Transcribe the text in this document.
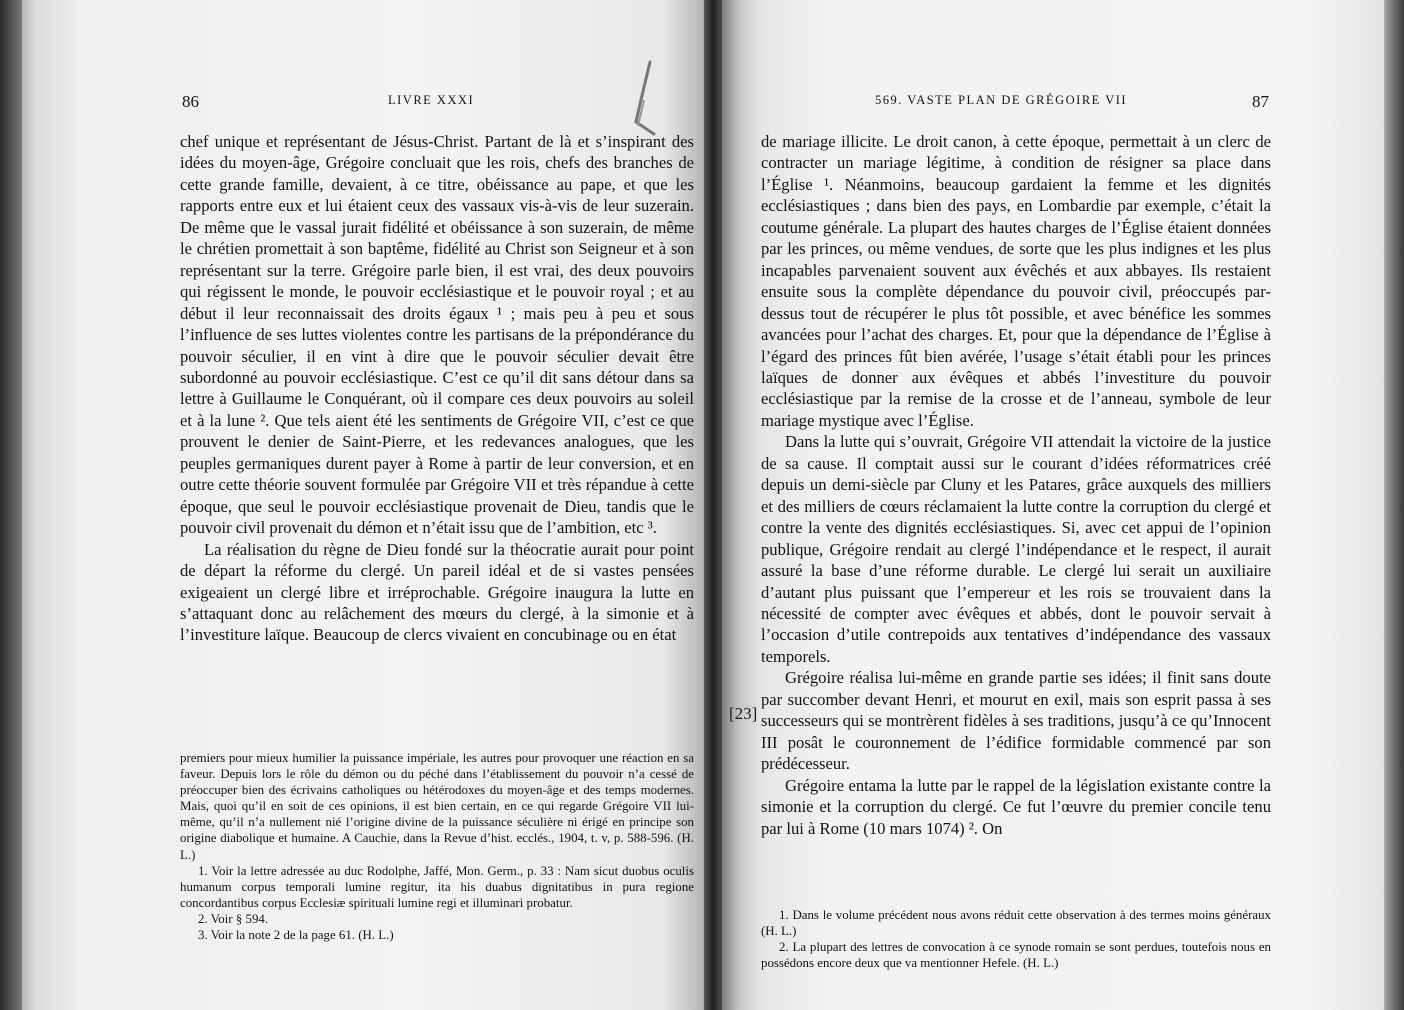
86	LIVRE XXXI

chef unique et représentant de Jésus-Christ. Partant de là et s’inspirant des idées du moyen-âge, Grégoire concluait que les rois, chefs des branches de cette grande famille, devaient, à ce titre, obéissance au pape, et que les rapports entre eux et lui étaient ceux des vassaux vis-à-vis de leur suzerain. De même que le vassal jurait fidélité et obéissance à son suzerain, de même le chrétien promettait à son baptême, fidélité au Christ son Seigneur et à son représentant sur la terre. Grégoire parle bien, il est vrai, des deux pouvoirs qui régissent le monde, le pouvoir ecclésiastique et le pouvoir royal ; et au début il leur reconnaissait des droits égaux ¹ ; mais peu à peu et sous l’influence de ses luttes violentes contre les partisans de la prépondérance du pouvoir séculier, il en vint à dire que le pouvoir séculier devait être subordonné au pouvoir ecclésiastique. C’est ce qu’il dit sans détour dans sa lettre à Guillaume le Conquérant, où il compare ces deux pouvoirs au soleil et à la lune ². Que tels aient été les sentiments de Grégoire VII, c’est ce que prouvent le denier de Saint-Pierre, et les redevances analogues, que les peuples germaniques durent payer à Rome à partir de leur conversion, et en outre cette théorie souvent formulée par Grégoire VII et très répandue à cette époque, que seul le pouvoir ecclésiastique provenait de Dieu, tandis que le pouvoir civil provenait du démon et n’était issu que de l’ambition, etc ³.

La réalisation du règne de Dieu fondé sur la théocratie aurait pour point de départ la réforme du clergé. Un pareil idéal et de si vastes pensées exigeaient un clergé libre et irréprochable. Grégoire inaugura la lutte en s’attaquant donc au relâchement des mœurs du clergé, à la simonie et à l’investiture laïque. Beaucoup de clercs vivaient en concubinage ou en état

premiers pour mieux humilier la puissance impériale, les autres pour provoquer une réaction en sa faveur. Depuis lors le rôle du démon ou du péché dans l’établissement du pouvoir n’a cessé de préoccuper bien des écrivains catholiques ou hétérodoxes du moyen-âge et des temps modernes. Mais, quoi qu’il en soit de ces opinions, il est bien certain, en ce qui regarde Grégoire VII lui-même, qu’il n’a nullement nié l’origine divine de la puissance séculière ni érigé en principe son origine diabolique et humaine. A Cauchie, dans la Revue d’hist. ecclés., 1904, t. v, p. 588-596. (H. L.)

1. Voir la lettre adressée au duc Rodolphe, Jaffé, Mon. Germ., p. 33 : Nam sicut duobus oculis humanum corpus temporali lumine regitur, ita his duabus dignitatibus in pura regione concordantibus corpus Ecclesiæ spirituali lumine regi et illuminari probatur.

2. Voir § 594.

3. Voir la note 2 de la page 61. (H. L.)

569. VASTE PLAN DE GRÉGOIRE VII	87

de mariage illicite. Le droit canon, à cette époque, permettait à un clerc de contracter un mariage légitime, à condition de résigner sa place dans l’Église ¹. Néanmoins, beaucoup gardaient la femme et les dignités ecclésiastiques ; dans bien des pays, en Lombardie par exemple, c’était la coutume générale. La plupart des hautes charges de l’Église étaient données par les princes, ou même vendues, de sorte que les plus indignes et les plus incapables parvenaient souvent aux évêchés et aux abbayes. Ils restaient ensuite sous la complète dépendance du pouvoir civil, préoccupés par-dessus tout de récupérer le plus tôt possible, et avec bénéfice les sommes avancées pour l’achat des charges. Et, pour que la dépendance de l’Église à l’égard des princes fût bien avérée, l’usage s’était établi pour les princes laïques de donner aux évêques et abbés l’investiture du pouvoir ecclésiastique par la remise de la crosse et de l’anneau, symbole de leur mariage mystique avec l’Église.

Dans la lutte qui s’ouvrait, Grégoire VII attendait la victoire de la justice de sa cause. Il comptait aussi sur le courant d’idées réformatrices créé depuis un demi-siècle par Cluny et les Patares, grâce auxquels des milliers et des milliers de cœurs réclamaient la lutte contre la corruption du clergé et contre la vente des dignités ecclésiastiques. Si, avec cet appui de l’opinion publique, Grégoire rendait au clergé l’indépendance et le respect, il aurait assuré la base d’une réforme durable. Le clergé lui serait un auxiliaire d’autant plus puissant que l’empereur et les rois se trouvaient dans la nécessité de compter avec évêques et abbés, dont le pouvoir servait à l’occasion d’utile contrepoids aux tentatives d’indépendance des vassaux temporels.

Grégoire réalisa lui-même en grande partie ses idées; il finit sans doute par succomber devant Henri, et mourut en exil, mais son esprit passa à ses successeurs qui se montrèrent fidèles à ses traditions, jusqu’à ce qu’Innocent III posât le couronnement de l’édifice formidable commencé par son prédécesseur.

Grégoire entama la lutte par le rappel de la législation existante contre la simonie et la corruption du clergé. Ce fut l’œuvre du premier concile tenu par lui à Rome (10 mars 1074) ². On

1. Dans le volume précédent nous avons réduit cette observation à des termes moins généraux (H. L.)

2. La plupart des lettres de convocation à ce synode romain se sont perdues, toutefois nous en possédons encore deux que va mentionner Hefele. (H. L.)

[23]
